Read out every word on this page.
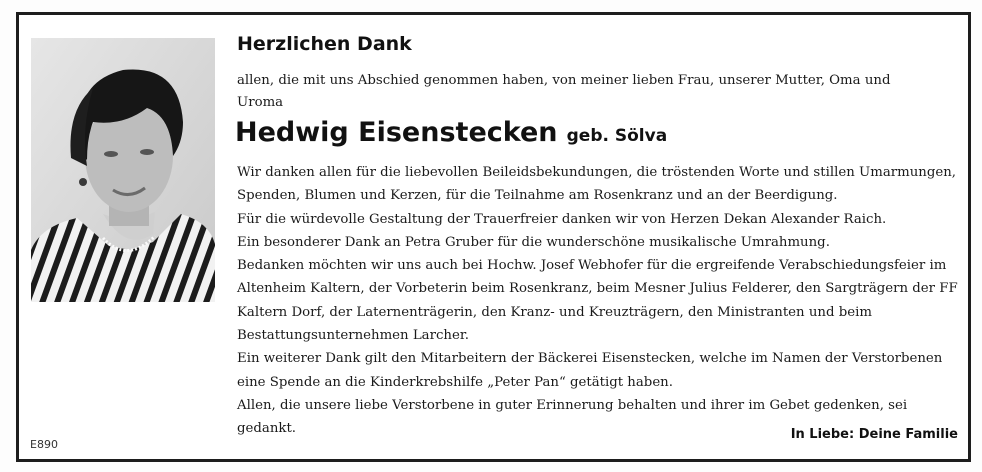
E890
Herzlichen Dank
allen, die mit uns Abschied genommen haben, von meiner lieben Frau, unserer Mutter, Oma und Uroma
Hedwig Eisenstecken geb. Sölva

Wir danken allen für die liebevollen Beileidsbekundungen, die tröstenden Worte und stillen Umarmungen, Spenden, Blumen und Kerzen, für die Teilnahme am Rosenkranz und an der Beerdigung.

Für die würdevolle Gestaltung der Trauerfreier danken wir von Herzen Dekan Alexander Raich.

Ein besonderer Dank an Petra Gruber für die wunderschöne musikalische Umrahmung.

Bedanken möchten wir uns auch bei Hochw. Josef Webhofer für die ergreifende Verabschiedungsfeier im Altenheim Kaltern, der Vorbeterin beim Rosenkranz, beim Mesner Julius Felderer, den Sargträgern der FF Kaltern Dorf, der Laternenträgerin, den Kranz- und Kreuzträgern, den Ministranten und beim Bestattungsunternehmen Larcher.

Ein weiterer Dank gilt den Mitarbeitern der Bäckerei Eisenstecken, welche im Namen der Verstorbenen eine Spende an die Kinderkrebshilfe „Peter Pan“ getätigt haben.

Allen, die unsere liebe Verstorbene in guter Erinnerung behalten und ihrer im Gebet gedenken, sei gedankt.	In Liebe: Deine Familie
